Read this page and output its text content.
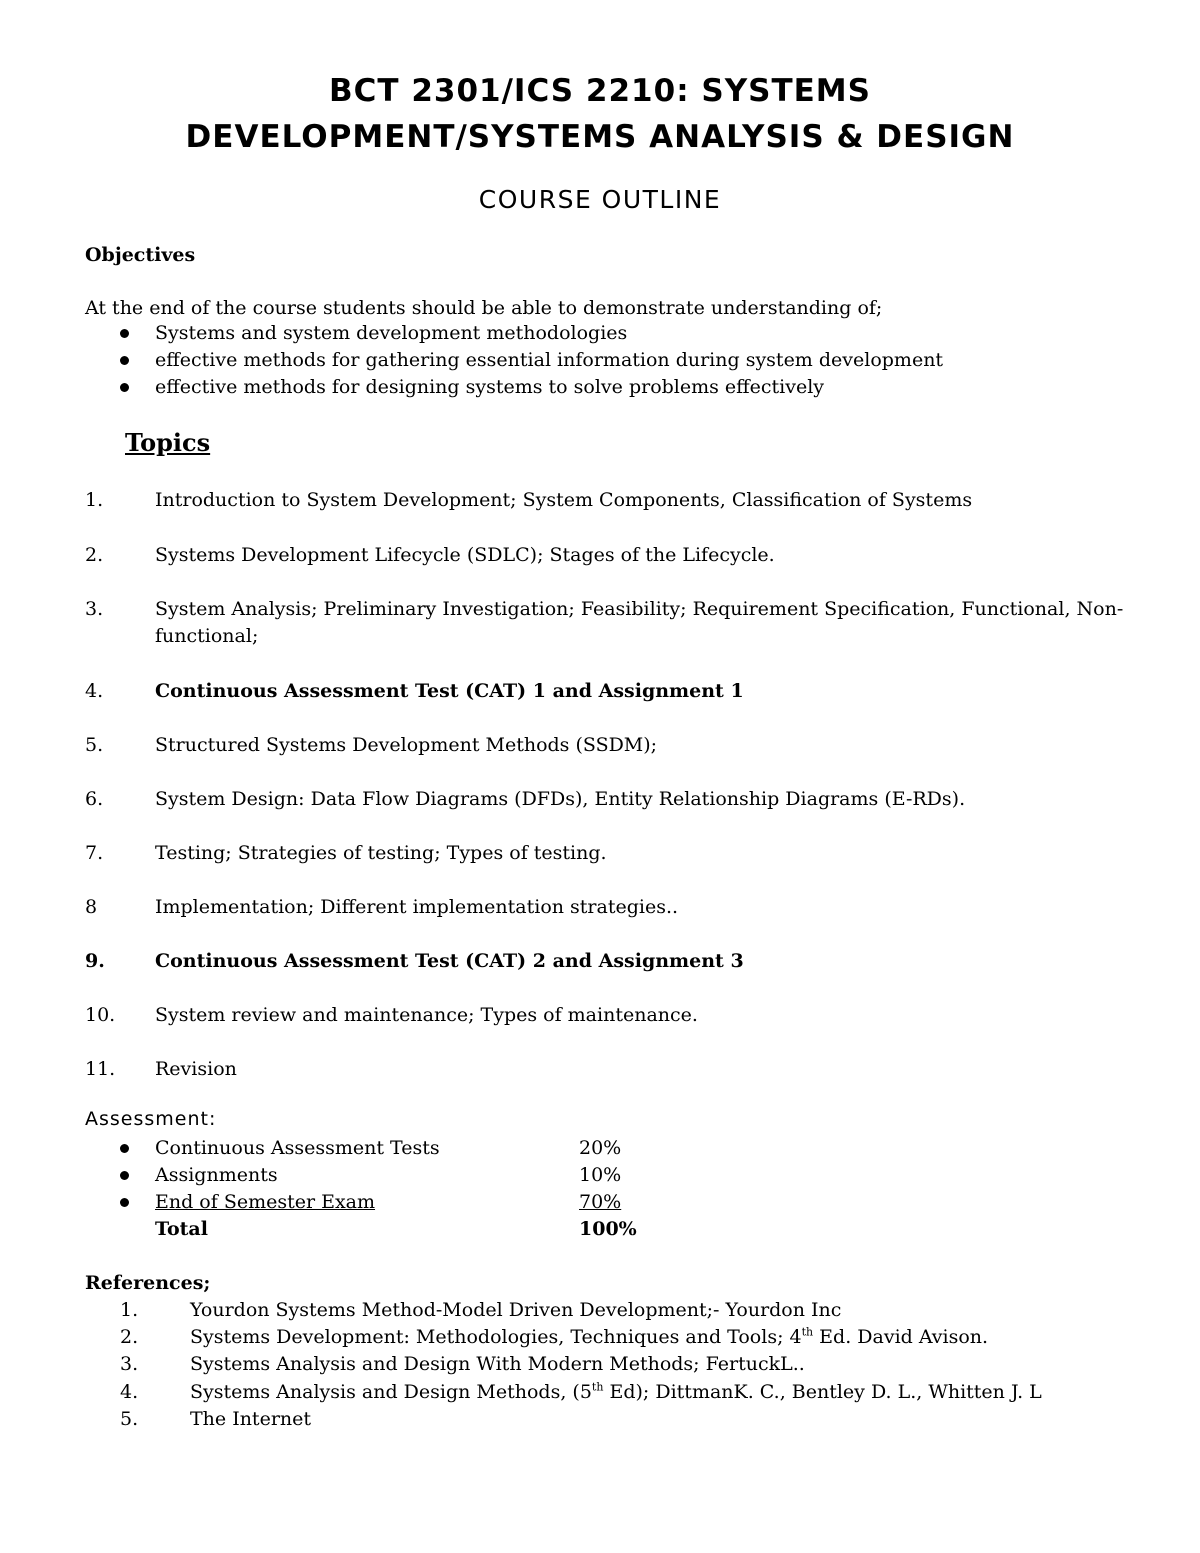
BCT 2301/ICS 2210: SYSTEMS
DEVELOPMENT/SYSTEMS ANALYSIS & DESIGN
COURSE OUTLINE
Objectives
At the end of the course students should be able to demonstrate understanding of;
Systems and system development methodologies
effective methods for gathering essential information during system development
effective methods for designing systems to solve problems effectively
Topics
1.	Introduction to System Development; System Components, Classification of Systems
2.	Systems Development Lifecycle (SDLC); Stages of the Lifecycle.
3.	System Analysis; Preliminary Investigation; Feasibility; Requirement Specification, Functional, Non-
functional;
4.	Continuous Assessment Test (CAT) 1 and Assignment 1
5.	Structured Systems Development Methods (SSDM);
6.	System Design: Data Flow Diagrams (DFDs), Entity Relationship Diagrams (E-RDs).
7.	Testing; Strategies of testing; Types of testing.
8	Implementation; Different implementation strategies..
9.	Continuous Assessment Test (CAT) 2 and Assignment 3
10. System review and maintenance; Types of maintenance.
11. Revision
Assessment:
Continuous Assessment Tests	20%
Assignments	10%
End of Semester Exam	70%
Total	100%
References;
1.	Yourdon Systems Method-Model Driven Development;- Yourdon Inc
2.	Systems Development: Methodologies, Techniques and Tools; 4th Ed. David Avison.
3.	Systems Analysis and Design With Modern Methods; FertuckL..
4.	Systems Analysis and Design Methods, (5th Ed); DittmanK. C., Bentley D. L., Whitten J. L
5.	The Internet
